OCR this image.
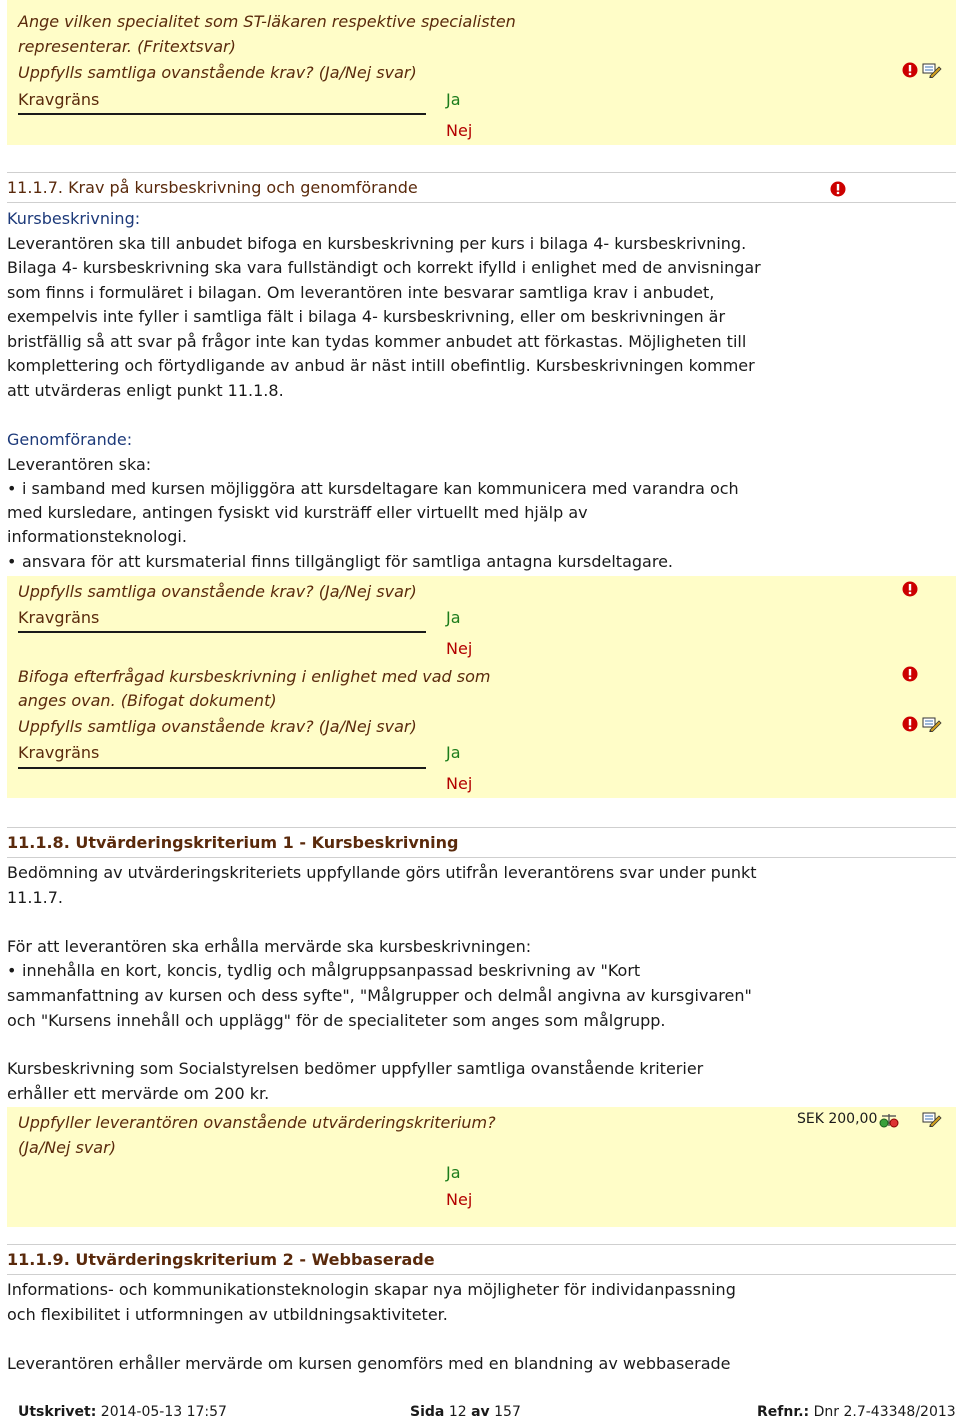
Ange vilken specialitet som ST-läkaren respektive specialisten
representerar. (Fritextsvar)
Uppfylls samtliga ovanstående krav? (Ja/Nej svar)
Kravgräns	Ja
Nej
11.1.7. Krav på kursbeskrivning och genomförande
Kursbeskrivning:
Leverantören ska till anbudet bifoga en kursbeskrivning per kurs i bilaga 4- kursbeskrivning.
Bilaga 4- kursbeskrivning ska vara fullständigt och korrekt ifylld i enlighet med de anvisningar
som finns i formuläret i bilagan. Om leverantören inte besvarar samtliga krav i anbudet,
exempelvis inte fyller i samtliga fält i bilaga 4- kursbeskrivning, eller om beskrivningen är
bristfällig så att svar på frågor inte kan tydas kommer anbudet att förkastas. Möjligheten till
komplettering och förtydligande av anbud är näst intill obefintlig. Kursbeskrivningen kommer
att utvärderas enligt punkt 11.1.8.
Genomförande:
Leverantören ska:
• i samband med kursen möjliggöra att kursdeltagare kan kommunicera med varandra och
med kursledare, antingen fysiskt vid kursträff eller virtuellt med hjälp av
informationsteknologi.
• ansvara för att kursmaterial finns tillgängligt för samtliga antagna kursdeltagare.
Uppfylls samtliga ovanstående krav? (Ja/Nej svar)
Kravgräns	Ja
Nej
Bifoga efterfrågad kursbeskrivning i enlighet med vad som
anges ovan. (Bifogat dokument)
Uppfylls samtliga ovanstående krav? (Ja/Nej svar)
Kravgräns	Ja
Nej
11.1.8. Utvärderingskriterium 1 - Kursbeskrivning
Bedömning av utvärderingskriteriets uppfyllande görs utifrån leverantörens svar under punkt
11.1.7.
För att leverantören ska erhålla mervärde ska kursbeskrivningen:
• innehålla en kort, koncis, tydlig och målgruppsanpassad beskrivning av "Kort
sammanfattning av kursen och dess syfte", "Målgrupper och delmål angivna av kursgivaren"
och "Kursens innehåll och upplägg" för de specialiteter som anges som målgrupp.
Kursbeskrivning som Socialstyrelsen bedömer uppfyller samtliga ovanstående kriterier
erhåller ett mervärde om 200 kr.
Uppfyller leverantören ovanstående utvärderingskriterium?
(Ja/Nej svar)
SEK 200,00
Ja
Nej
11.1.9. Utvärderingskriterium 2 - Webbaserade
Informations- och kommunikationsteknologin skapar nya möjligheter för individanpassning
och flexibilitet i utformningen av utbildningsaktiviteter.
Leverantören erhåller mervärde om kursen genomförs med en blandning av webbaserade
Utskrivet: 2014-05-13 17:57	Sida 12 av 157	Refnr.: Dnr 2.7-43348/2013
